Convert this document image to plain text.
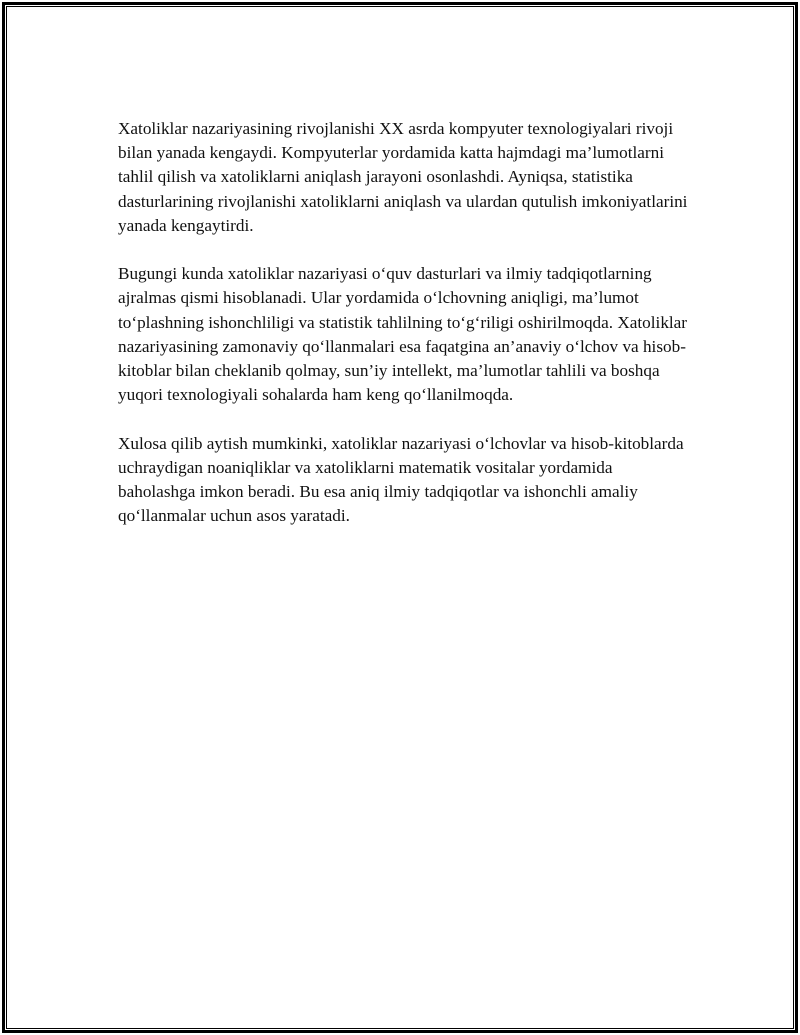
Xatoliklar nazariyasining rivojlanishi XX asrda kompyuter texnologiyalari rivoji bilan yanada kengaydi. Kompyuterlar yordamida katta hajmdagi ma’lumotlarni tahlil qilish va xatoliklarni aniqlash jarayoni osonlashdi. Ayniqsa, statistika dasturlarining rivojlanishi xatoliklarni aniqlash va ulardan qutulish imkoniyatlarini yanada kengaytirdi.

Bugungi kunda xatoliklar nazariyasi o‘quv dasturlari va ilmiy tadqiqotlarning ajralmas qismi hisoblanadi. Ular yordamida o‘lchovning aniqligi, ma’lumot to‘plashning ishonchliligi va statistik tahlilning to‘g‘riligi oshirilmoqda. Xatoliklar nazariyasining zamonaviy qo‘llanmalari esa faqatgina an’anaviy o‘lchov va hisob-kitoblar bilan cheklanib qolmay, sun’iy intellekt, ma’lumotlar tahlili va boshqa yuqori texnologiyali sohalarda ham keng qo‘llanilmoqda.

Xulosa qilib aytish mumkinki, xatoliklar nazariyasi o‘lchovlar va hisob-kitoblarda uchraydigan noaniqliklar va xatoliklarni matematik vositalar yordamida baholashga imkon beradi. Bu esa aniq ilmiy tadqiqotlar va ishonchli amaliy qo‘llanmalar uchun asos yaratadi.
